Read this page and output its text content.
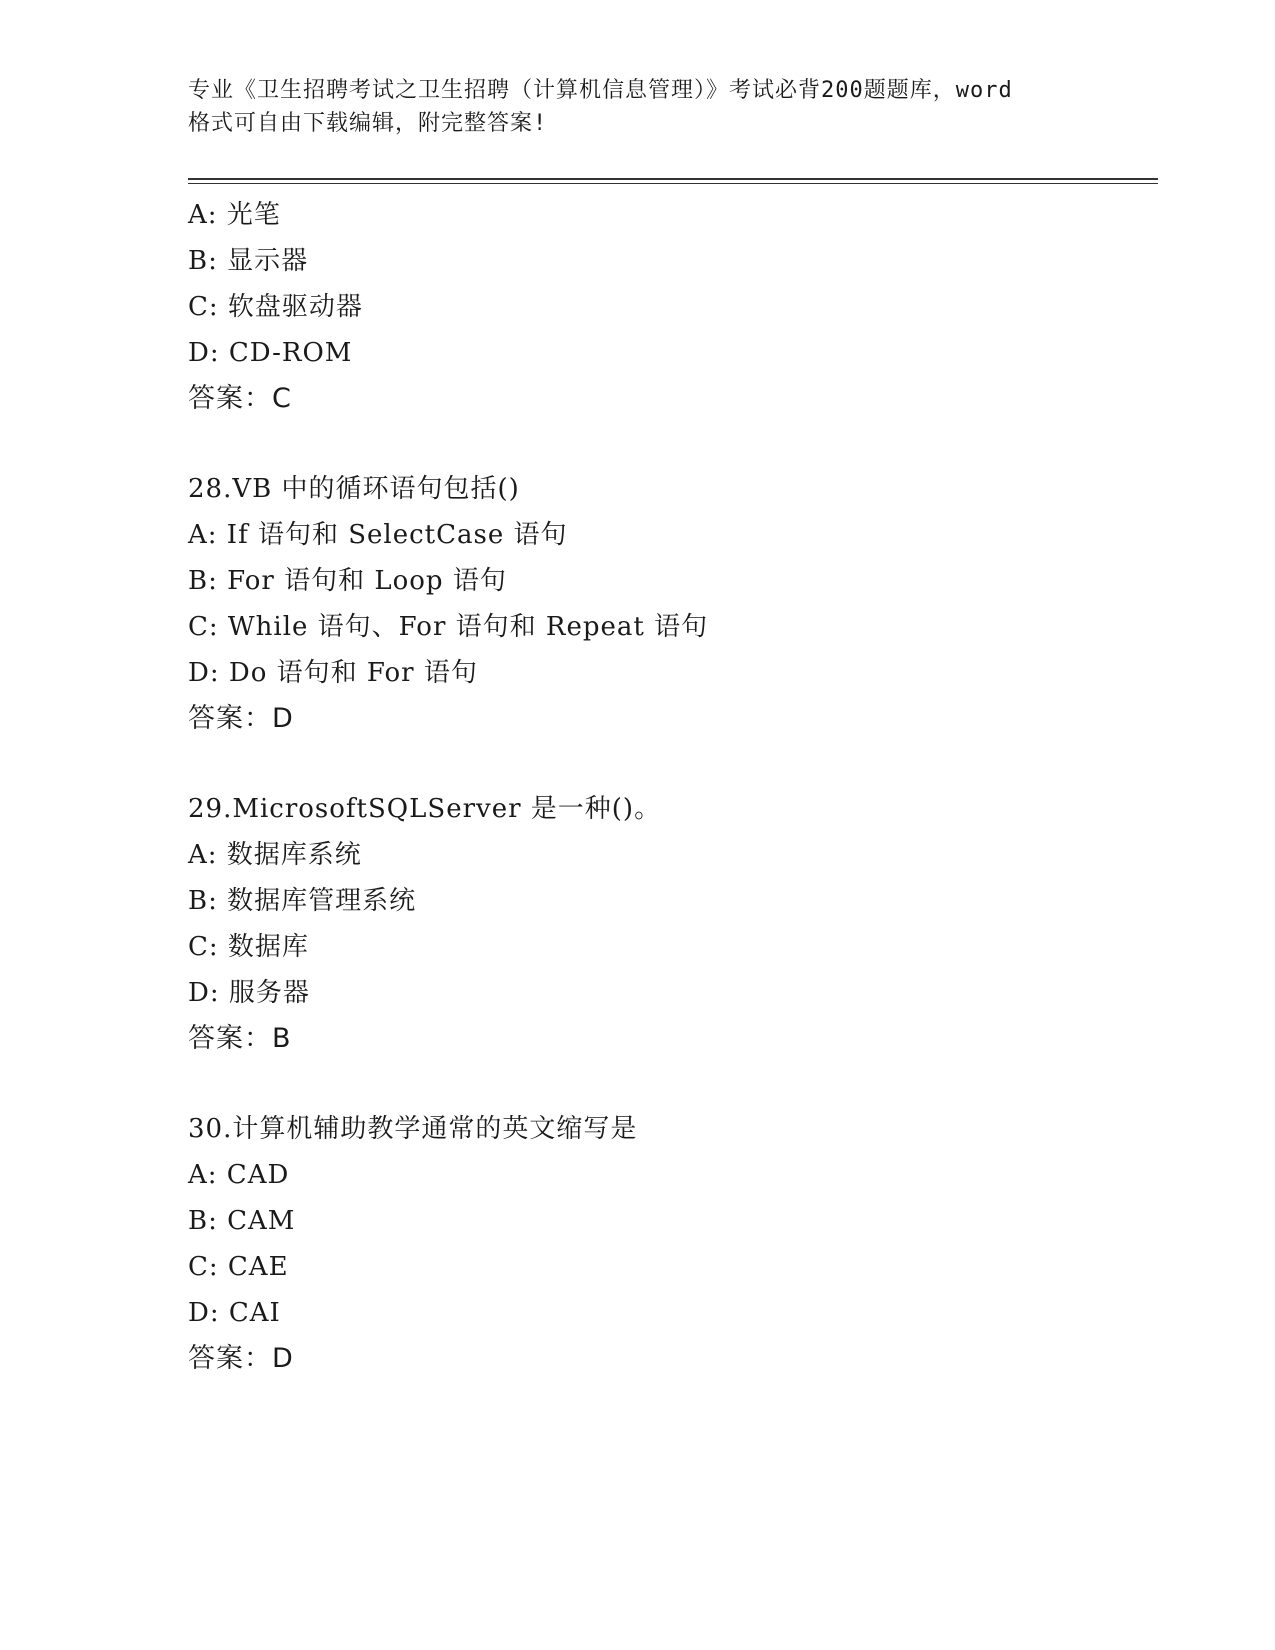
专业《卫生招聘考试之卫生招聘（计算机信息管理）》考试必背200题题库，word
格式可自由下载编辑，附完整答案!
A: 光笔
B: 显示器
C: 软盘驱动器
D: CD-ROM
答案：C
28.VB 中的循环语句包括()
A: If 语句和 SelectCase 语句
B: For 语句和 Loop 语句
C: While 语句、For 语句和 Repeat 语句
D: Do 语句和 For 语句
答案：D
29.MicrosoftSQLServer 是一种()。
A: 数据库系统
B: 数据库管理系统
C: 数据库
D: 服务器
答案：B
30.计算机辅助教学通常的英文缩写是
A: CAD
B: CAM
C: CAE
D: CAI
答案：D
